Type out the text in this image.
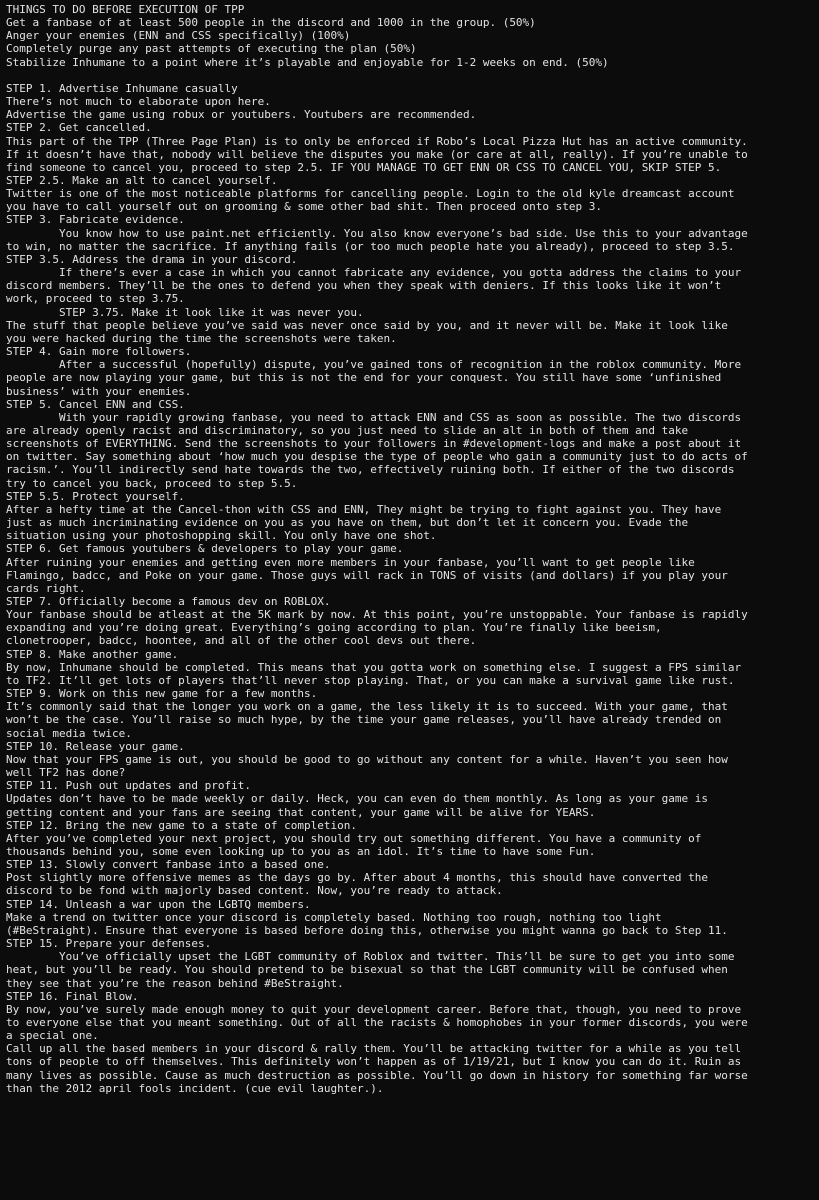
THINGS TO DO BEFORE EXECUTION OF TPP
Get a fanbase of at least 500 people in the discord and 1000 in the group. (50%)
Anger your enemies (ENN and CSS specifically) (100%)
Completely purge any past attempts of executing the plan (50%)
Stabilize Inhumane to a point where it’s playable and enjoyable for 1-2 weeks on end. (50%)
STEP 1. Advertise Inhumane casually
There’s not much to elaborate upon here.
Advertise the game using robux or youtubers. Youtubers are recommended.
STEP 2. Get cancelled.
This part of the TPP (Three Page Plan) is to only be enforced if Robo’s Local Pizza Hut has an active community.
If it doesn’t have that, nobody will believe the disputes you make (or care at all, really). If you’re unable to
find someone to cancel you, proceed to step 2.5. IF YOU MANAGE TO GET ENN OR CSS TO CANCEL YOU, SKIP STEP 5.
STEP 2.5. Make an alt to cancel yourself.
Twitter is one of the most noticeable platforms for cancelling people. Login to the old kyle dreamcast account
you have to call yourself out on grooming & some other bad shit. Then proceed onto step 3.
STEP 3. Fabricate evidence.
You know how to use paint.net efficiently. You also know everyone’s bad side. Use this to your advantage
to win, no matter the sacrifice. If anything fails (or too much people hate you already), proceed to step 3.5.
STEP 3.5. Address the drama in your discord.
If there’s ever a case in which you cannot fabricate any evidence, you gotta address the claims to your
discord members. They’ll be the ones to defend you when they speak with deniers. If this looks like it won’t
work, proceed to step 3.75.
STEP 3.75. Make it look like it was never you.
The stuff that people believe you’ve said was never once said by you, and it never will be. Make it look like
you were hacked during the time the screenshots were taken.
STEP 4. Gain more followers.
After a successful (hopefully) dispute, you’ve gained tons of recognition in the roblox community. More
people are now playing your game, but this is not the end for your conquest. You still have some ‘unfinished
business’ with your enemies.
STEP 5. Cancel ENN and CSS.
With your rapidly growing fanbase, you need to attack ENN and CSS as soon as possible. The two discords
are already openly racist and discriminatory, so you just need to slide an alt in both of them and take
screenshots of EVERYTHING. Send the screenshots to your followers in #development-logs and make a post about it
on twitter. Say something about ‘how much you despise the type of people who gain a community just to do acts of
racism.’. You’ll indirectly send hate towards the two, effectively ruining both. If either of the two discords
try to cancel you back, proceed to step 5.5.
STEP 5.5. Protect yourself.
After a hefty time at the Cancel-thon with CSS and ENN, They might be trying to fight against you. They have
just as much incriminating evidence on you as you have on them, but don’t let it concern you. Evade the
situation using your photoshopping skill. You only have one shot.
STEP 6. Get famous youtubers & developers to play your game.
After ruining your enemies and getting even more members in your fanbase, you’ll want to get people like
Flamingo, badcc, and Poke on your game. Those guys will rack in TONS of visits (and dollars) if you play your
cards right.
STEP 7. Officially become a famous dev on ROBLOX.
Your fanbase should be atleast at the 5K mark by now. At this point, you’re unstoppable. Your fanbase is rapidly
expanding and you’re doing great. Everything’s going according to plan. You’re finally like beeism,
clonetrooper, badcc, hoontee, and all of the other cool devs out there.
STEP 8. Make another game.
By now, Inhumane should be completed. This means that you gotta work on something else. I suggest a FPS similar
to TF2. It’ll get lots of players that’ll never stop playing. That, or you can make a survival game like rust.
STEP 9. Work on this new game for a few months.
It’s commonly said that the longer you work on a game, the less likely it is to succeed. With your game, that
won’t be the case. You’ll raise so much hype, by the time your game releases, you’ll have already trended on
social media twice.
STEP 10. Release your game.
Now that your FPS game is out, you should be good to go without any content for a while. Haven’t you seen how
well TF2 has done?
STEP 11. Push out updates and profit.
Updates don’t have to be made weekly or daily. Heck, you can even do them monthly. As long as your game is
getting content and your fans are seeing that content, your game will be alive for YEARS.
STEP 12. Bring the new game to a state of completion.
After you’ve completed your next project, you should try out something different. You have a community of
thousands behind you, some even looking up to you as an idol. It’s time to have some Fun.
STEP 13. Slowly convert fanbase into a based one.
Post slightly more offensive memes as the days go by. After about 4 months, this should have converted the
discord to be fond with majorly based content. Now, you’re ready to attack.
STEP 14. Unleash a war upon the LGBTQ members.
Make a trend on twitter once your discord is completely based. Nothing too rough, nothing too light
(#BeStraight). Ensure that everyone is based before doing this, otherwise you might wanna go back to Step 11.
STEP 15. Prepare your defenses.
You’ve officially upset the LGBT community of Roblox and twitter. This’ll be sure to get you into some
heat, but you’ll be ready. You should pretend to be bisexual so that the LGBT community will be confused when
they see that you’re the reason behind #BeStraight.
STEP 16. Final Blow.
By now, you’ve surely made enough money to quit your development career. Before that, though, you need to prove
to everyone else that you meant something. Out of all the racists & homophobes in your former discords, you were
a special one.
Call up all the based members in your discord & rally them. You’ll be attacking twitter for a while as you tell
tons of people to off themselves. This definitely won’t happen as of 1/19/21, but I know you can do it. Ruin as
many lives as possible. Cause as much destruction as possible. You’ll go down in history for something far worse
than the 2012 april fools incident. (cue evil laughter.).
